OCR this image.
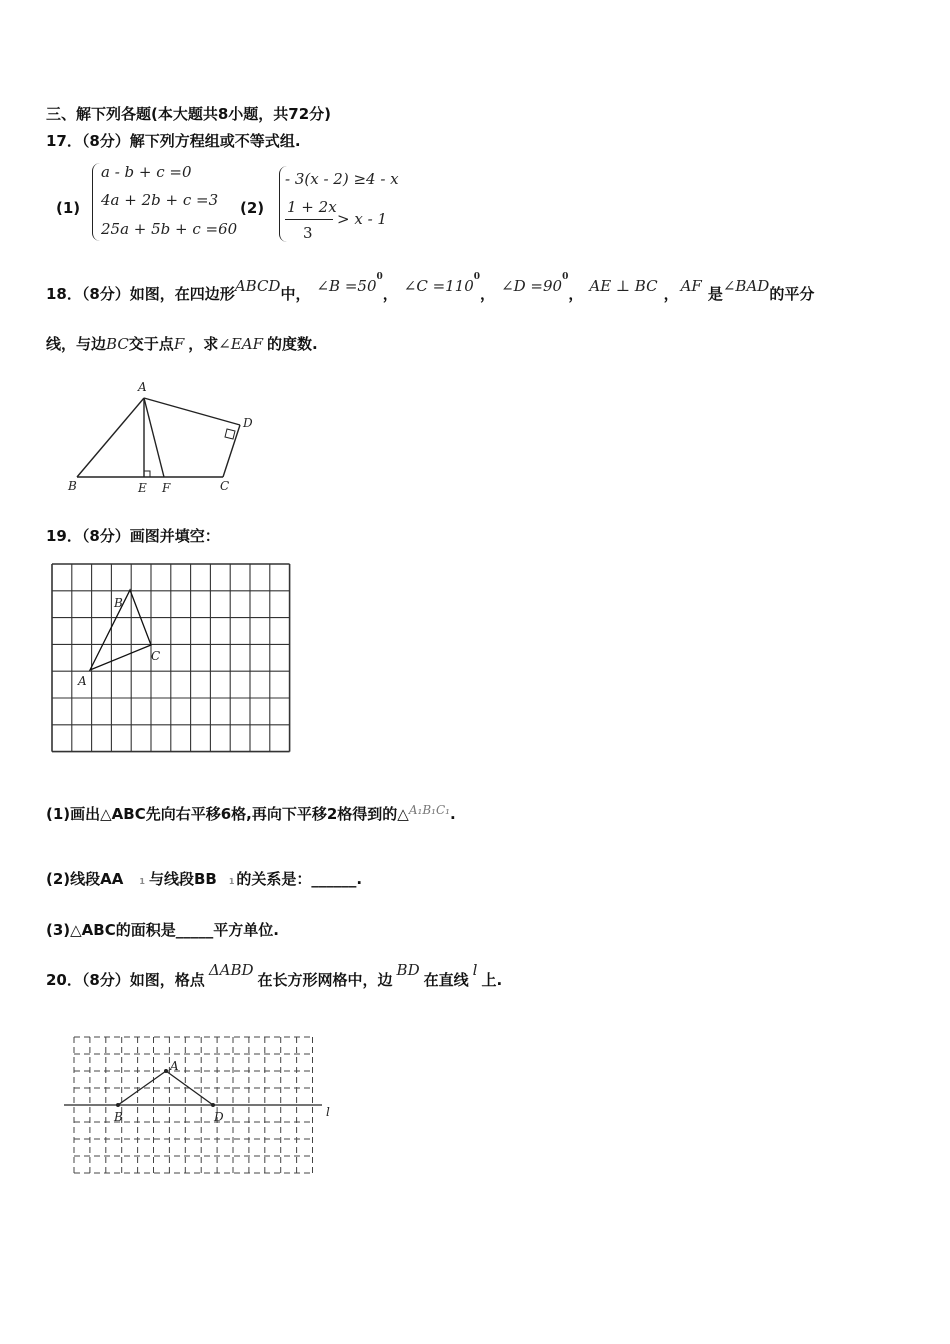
三、解下列各题(本大题共8小题，共72分)
17．（8分）解下列方程组或不等式组.
(1)
a - b + c =0
4a + 2b + c =3
25a + 5b + c =60
(2)
- 3(x - 2) ≥4 - x
1 + 2x
3
> x - 1
18．（8分）如图，在四边形ABCD中， ∠B $=50^0$， ∠C $=110^0$， ∠D $=90^0$， AE ⊥ BC ， AF 是∠BAD的平分
线，与边BC交于点F ，求∠EAF 的度数.
A
D
B	E F	C
19．（8分）画图并填空：
A
B
C
(1)画出△ABC先向右平移6格,再向下平移2格得到的△$^{A_1B_1C_1}$.
(2)线段AA 1 与线段BB 1 的关系是：______.
(3)△ABC的面积是_____平方单位.
20．（8分）如图，格点ΔABD在长方形网格中，边BD在直线l上.
A
B	D	l
